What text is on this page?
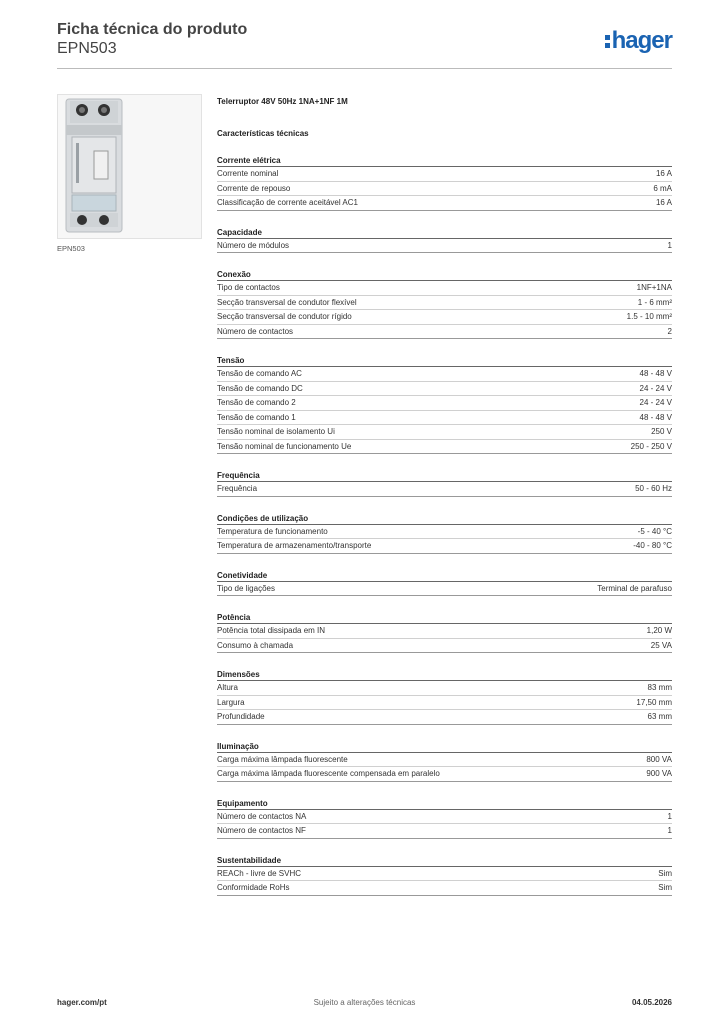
Ficha técnica do produto
EPN503	hager
EPN503
Telerruptor 48V 50Hz 1NA+1NF 1M
Características técnicas
Corrente elétrica
Corrente nominal	16 A
Corrente de repouso	6 mA
Classificação de corrente aceitável AC1	16 A
Capacidade
Número de módulos	1
Conexão
Tipo de contactos	1NF+1NA
Secção transversal de condutor flexível	1 - 6 mm²
Secção transversal de condutor rígido	1.5 - 10 mm²
Número de contactos	2
Tensão
Tensão de comando AC	48 - 48 V
Tensão de comando DC	24 - 24 V
Tensão de comando 2	24 - 24 V
Tensão de comando 1	48 - 48 V
Tensão nominal de isolamento Ui	250 V
Tensão nominal de funcionamento Ue	250 - 250 V
Frequência
Frequência	50 - 60 Hz
Condições de utilização
Temperatura de funcionamento	-5 - 40 °C
Temperatura de armazenamento/transporte	-40 - 80 °C
Conetividade
Tipo de ligações	Terminal de parafuso
Potência
Potência total dissipada em IN	1,20 W
Consumo à chamada	25 VA
Dimensões
Altura	83 mm
Largura	17,50 mm
Profundidade	63 mm
Iluminação
Carga máxima lâmpada fluorescente	800 VA
Carga máxima lâmpada fluorescente compensada em paralelo	900 VA
Equipamento
Número de contactos NA	1
Número de contactos NF	1
Sustentabilidade
REACh - livre de SVHC	Sim
Conformidade RoHs	Sim
hager.com/pt	Sujeito a alterações técnicas	04.05.2026
